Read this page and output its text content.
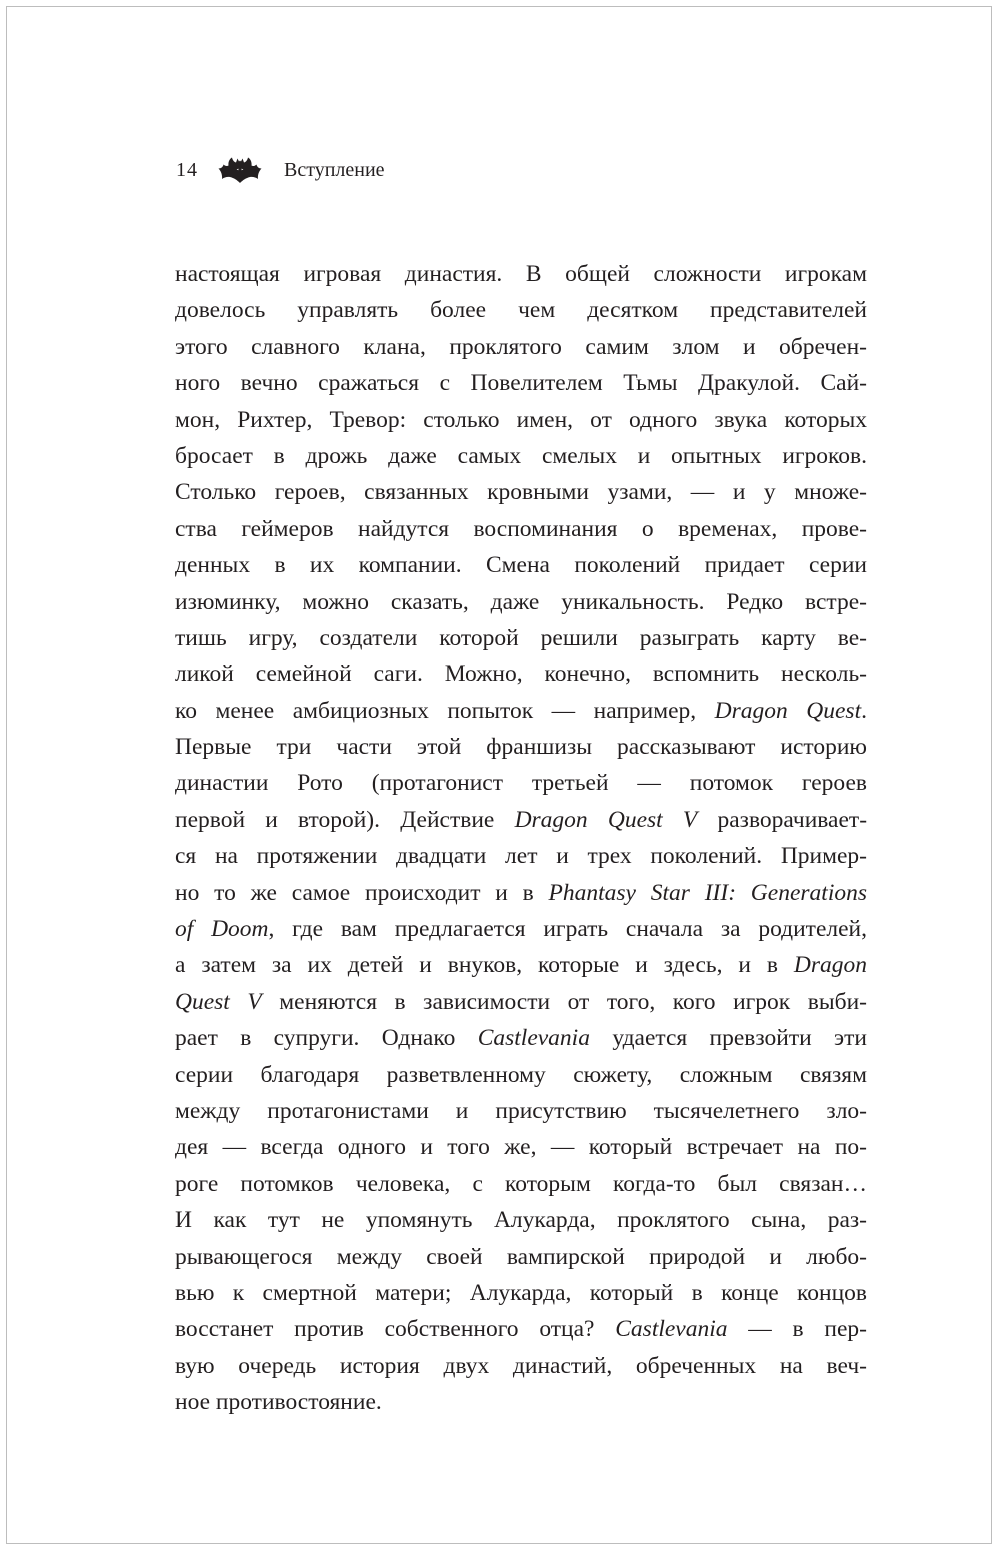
14	Вступление
настоящая игровая династия. В общей сложности игрокам
довелось управлять более чем десятком представителей
этого славного клана, проклятого самим злом и обречен-
ного вечно сражаться с Повелителем Тьмы Дракулой. Сай-
мон, Рихтер, Тревор: столько имен, от одного звука которых
бросает в дрожь даже самых смелых и опытных игроков.
Столько героев, связанных кровными узами, — и у множе-
ства геймеров найдутся воспоминания о временах, прове-
денных в их компании. Смена поколений придает серии
изюминку, можно сказать, даже уникальность. Редко встре-
тишь игру, создатели которой решили разыграть карту ве-
ликой семейной саги. Можно, конечно, вспомнить несколь-
ко менее амбициозных попыток — например, Dragon Quest.
Первые три части этой франшизы рассказывают историю
династии Рото (протагонист третьей — потомок героев
первой и второй). Действие Dragon Quest V разворачивает-
ся на протяжении двадцати лет и трех поколений. Пример-
но то же самое происходит и в Phantasy Star III: Generations
of Doom, где вам предлагается играть сначала за родителей,
а затем за их детей и внуков, которые и здесь, и в Dragon
Quest V меняются в зависимости от того, кого игрок выби-
рает в супруги. Однако Castlevania удается превзойти эти
серии благодаря разветвленному сюжету, сложным связям
между протагонистами и присутствию тысячелетнего зло-
дея — всегда одного и того же, — который встречает на по-
роге потомков человека, с которым когда-то был связан…
И как тут не упомянуть Алукарда, проклятого сына, раз-
рывающегося между своей вампирской природой и любо-
вью к смертной матери; Алукарда, который в конце концов
восстанет против собственного отца? Castlevania — в пер-
вую очередь история двух династий, обреченных на веч-
ное противостояние.
